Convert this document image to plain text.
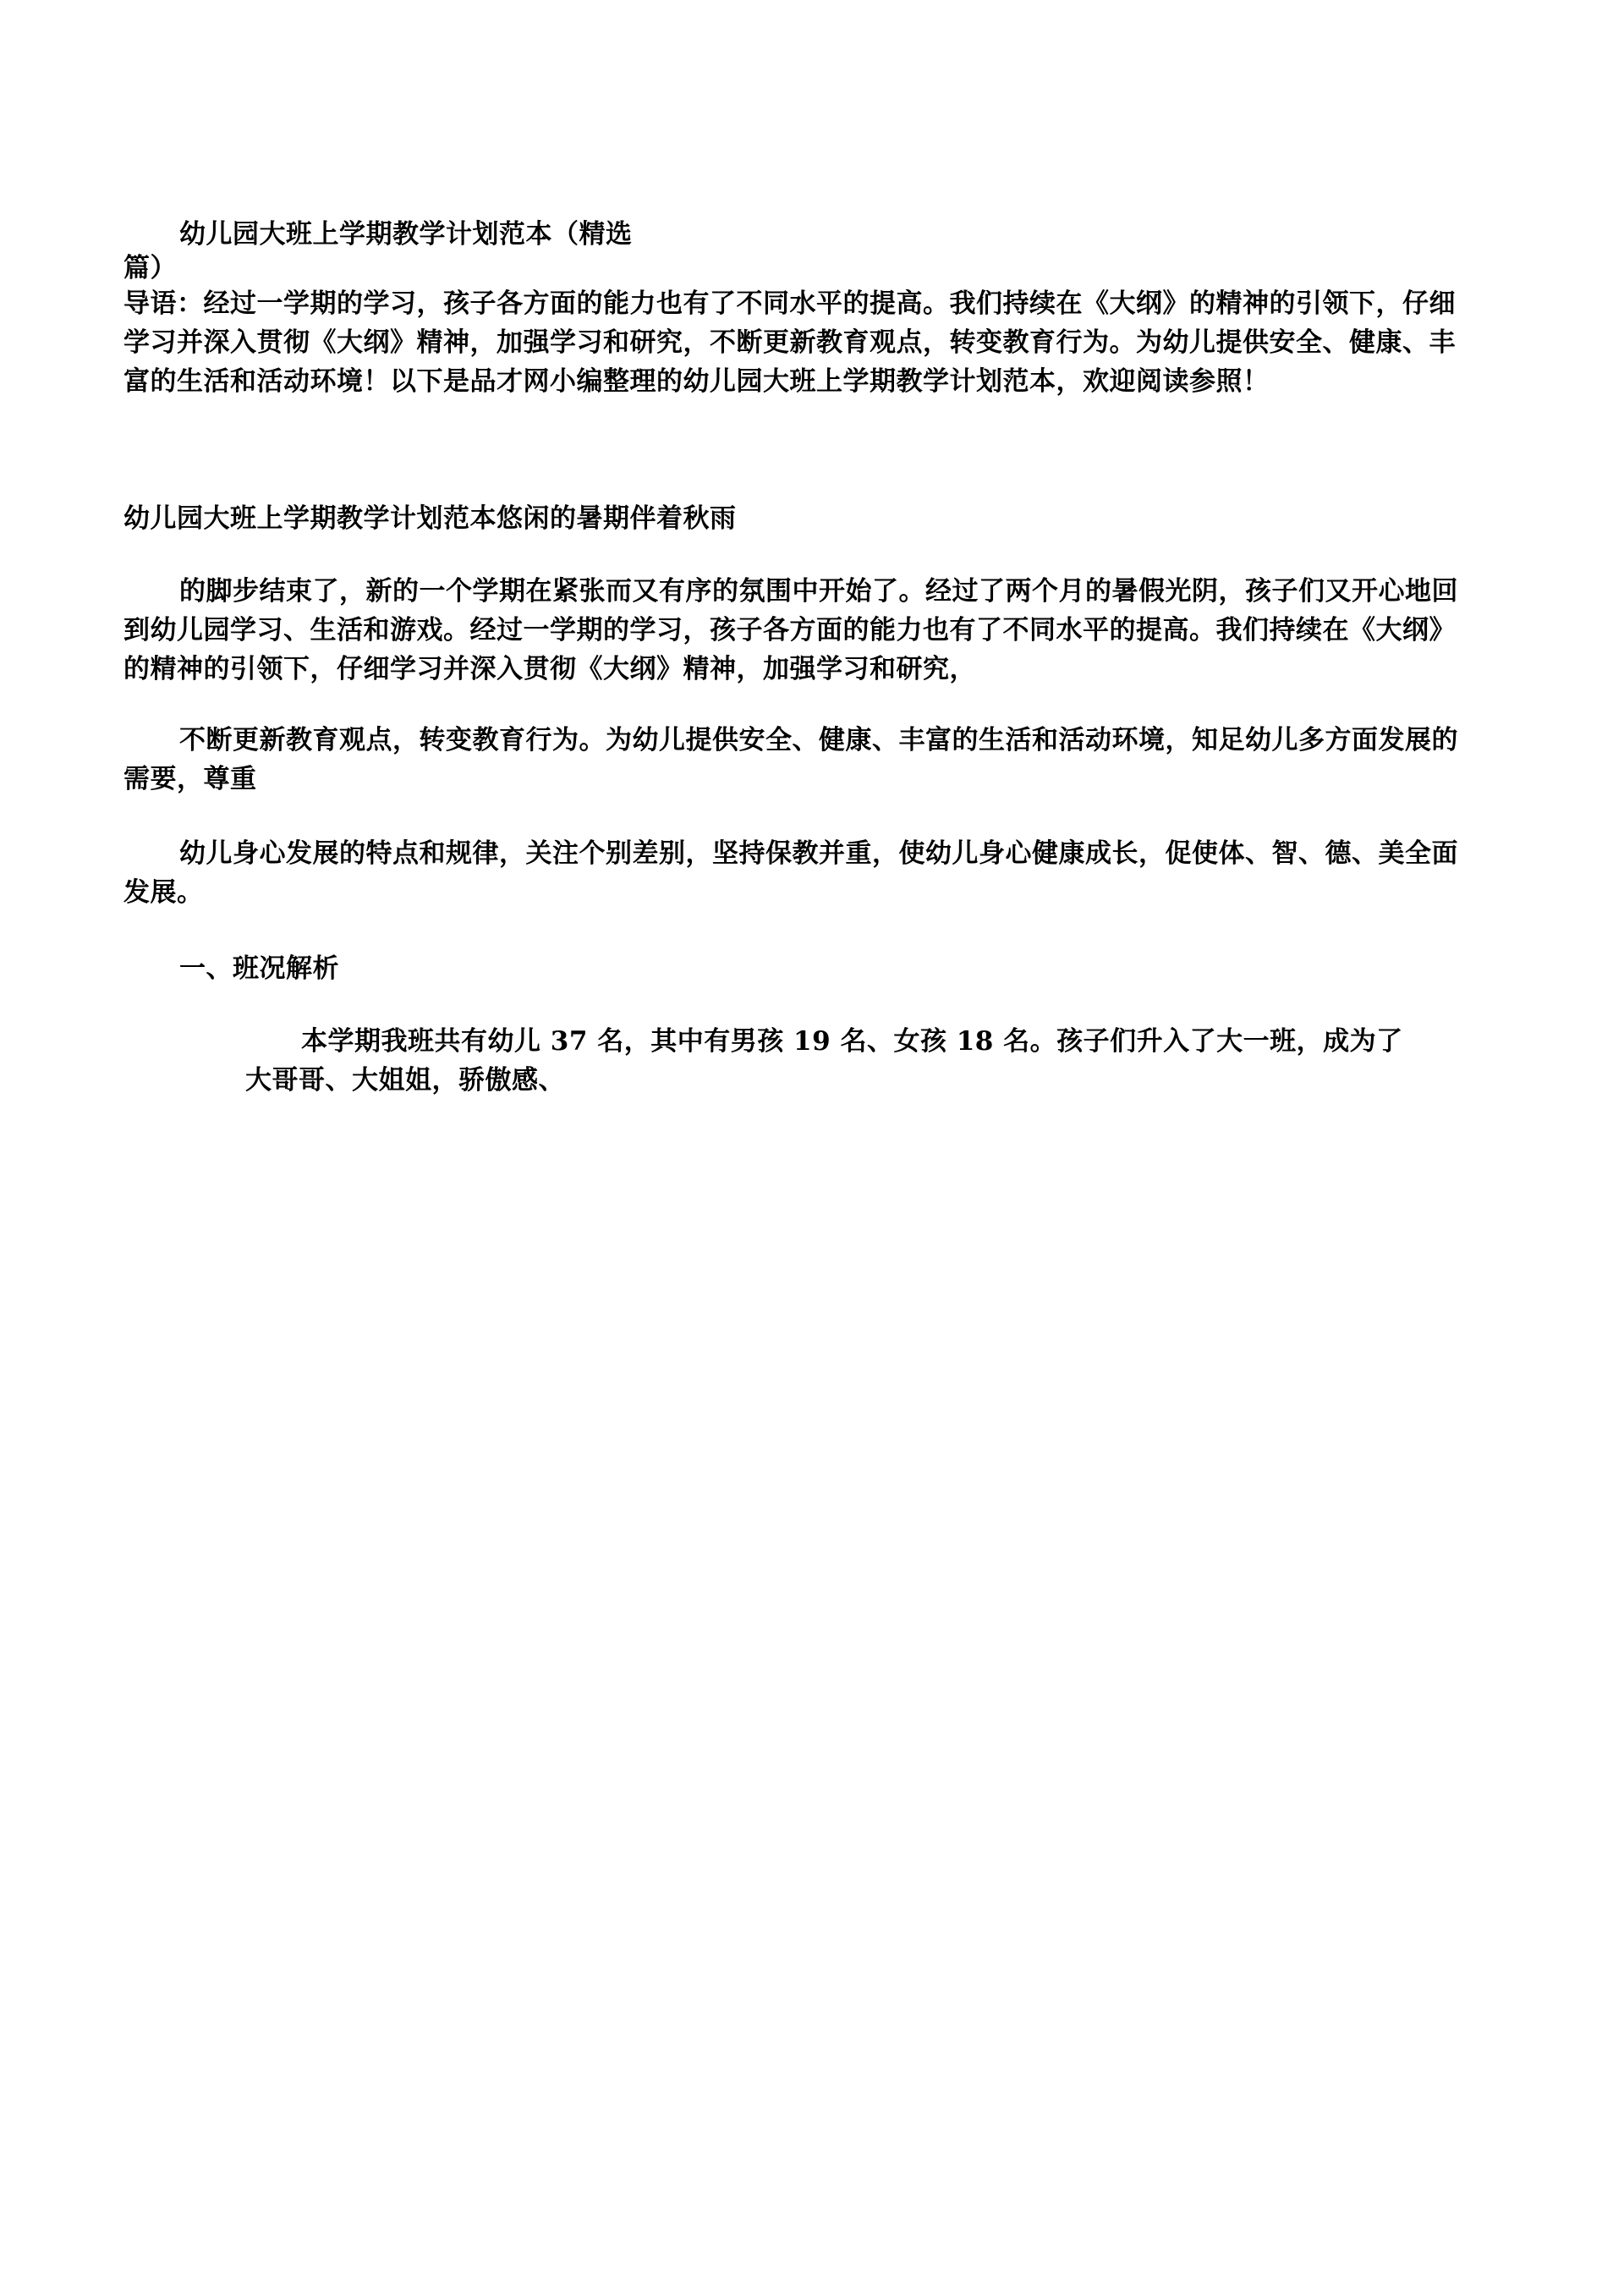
幼儿园大班上学期教学计划范本（精选
篇）
导语：经过一学期的学习，孩子各方面的能力也有了不同水平的提高。我们持续在《大纲》的精神的引领下，仔细
学习并深入贯彻《大纲》精神，加强学习和研究，不断更新教育观点，转变教育行为。为幼儿提供安全、健康、丰
富的生活和活动环境！以下是品才网小编整理的幼儿园大班上学期教学计划范本，欢迎阅读参照！
幼儿园大班上学期教学计划范本悠闲的暑期伴着秋雨
的脚步结束了，新的一个学期在紧张而又有序的氛围中开始了。经过了两个月的暑假光阴，孩子们又开心地回
到幼儿园学习、生活和游戏。经过一学期的学习，孩子各方面的能力也有了不同水平的提高。我们持续在《大纲》
的精神的引领下，仔细学习并深入贯彻《大纲》精神，加强学习和研究，
不断更新教育观点，转变教育行为。为幼儿提供安全、健康、丰富的生活和活动环境，知足幼儿多方面发展的
需要，尊重
幼儿身心发展的特点和规律，关注个别差别，坚持保教并重，使幼儿身心健康成长，促使体、智、德、美全面
发展。
一、班况解析
本学期我班共有幼儿 37 名，其中有男孩 19 名、女孩 18 名。孩子们升入了大一班，成为了
大哥哥、大姐姐，骄傲感、
